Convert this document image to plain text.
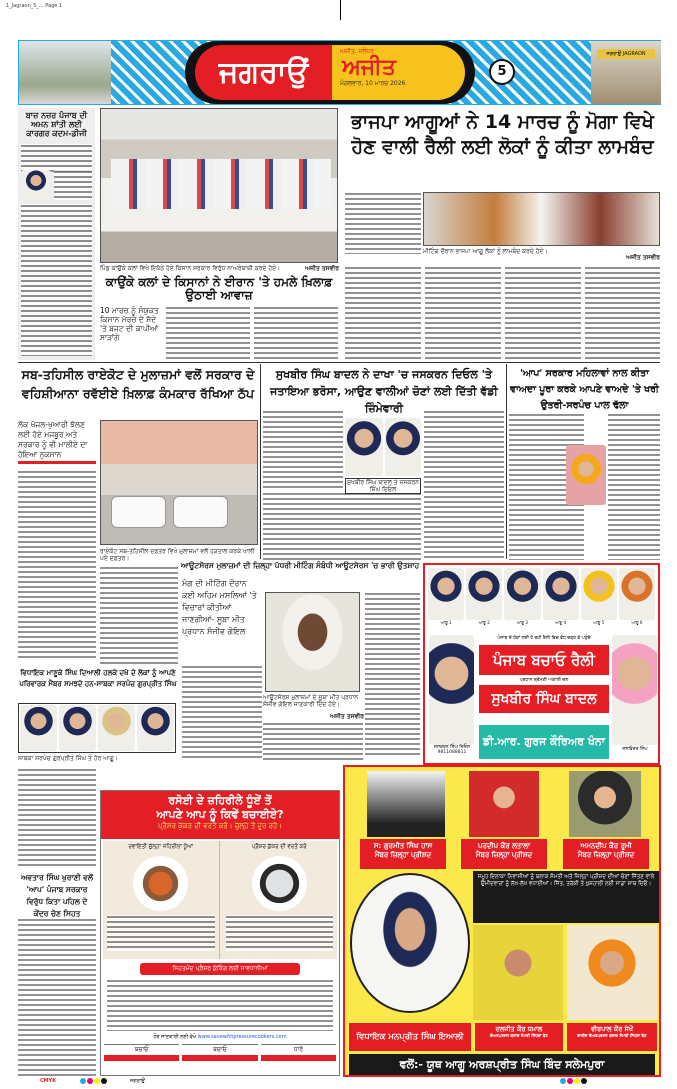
1_Jagraon_5_... Page 1
ਜਗਰਾਉਂ
ਅਜੀਤ, ਜਲੰਧਰ
ਅਜੀਤ
ਮੰਗਲਵਾਰ, 10 ਮਾਰਚ 2026
5
ਜਗਰਾਉਂ JAGRAON
ਬਾਜ਼ ਨਜ਼ਰ ਪੰਜਾਬ ਦੀ ਅਮਨ ਸ਼ਾਂਤੀ ਲਈ ਕਾਰਗਰ ਕਦਮ-ਡੀਜੀ
ਪਿੰਡ ਕਾਉਂਕੇ ਕਲਾਂ ਵਿਖੇ ਇਕੱਠੇ ਹੋਏ ਕਿਸਾਨ ਸਰਕਾਰ ਵਿਰੁੱਧ ਨਾਅਰੇਬਾਜ਼ੀ ਕਰਦੇ ਹੋਏ।	ਅਜੀਤ ਤਸਵੀਰ
ਕਾਉਂਕੇ ਕਲਾਂ ਦੇ ਕਿਸਾਨਾਂ ਨੇ ਈਰਾਨ 'ਤੇ ਹਮਲੇ ਖ਼ਿਲਾਫ਼ ਉਠਾਈ ਆਵਾਜ਼
10 ਮਾਰਚ ਨੂੰ ਸੰਯੁਕਤ ਕਿਸਾਨ ਮੋਰਚੇ ਦੇ ਸੱਦੇ 'ਤੇ ਬਜਟ ਦੀ ਕਾਪੀਆਂ ਸਾੜਾਂਗੇ
ਭਾਜਪਾ ਆਗੂਆਂ ਨੇ 14 ਮਾਰਚ ਨੂੰ ਮੋਗਾ ਵਿਖੇ ਹੋਣ ਵਾਲੀ ਰੈਲੀ ਲਈ ਲੋਕਾਂ ਨੂੰ ਕੀਤਾ ਲਾਮਬੰਦ
ਮੀਟਿੰਗ ਦੌਰਾਨ ਭਾਜਪਾ ਆਗੂ ਲੋਕਾਂ ਨੂੰ ਲਾਮਬੰਦ ਕਰਦੇ ਹੋਏ।
ਅਜੀਤ ਤਸਵੀਰ
ਸਬ-ਤਹਿਸੀਲ ਰਾਏਕੋਟ ਦੇ ਮੁਲਾਜ਼ਮਾਂ ਵਲੋਂ ਸਰਕਾਰ ਦੇ ਵਹਿਸ਼ੀਆਨਾ ਰਵੱਈਏ ਖ਼ਿਲਾਫ਼ ਕੰਮਕਾਰ ਰੱਖਿਆ ਠੱਪ
ਲੋਕ ਖੱਜਲ-ਖੁਆਰੀ ਝੱਲਣ ਲਈ ਹੋਏ ਮਜਬੂਰ ਅਤੇ ਸਰਕਾਰ ਨੂੰ ਵੀ ਮਾਲੀਏ ਦਾ ਹੋਇਆ ਨੁਕਸਾਨ
ਰਾਏਕੋਟ ਸਬ-ਤਹਿਸੀਲ ਦਫ਼ਤਰ ਵਿਖੇ ਮੁਲਾਜ਼ਮਾਂ ਵਲੋਂ ਹੜਤਾਲ ਕਰਕੇ ਖਾਲੀ ਪਏ ਦਫ਼ਤਰ।
ਸੁਖਬੀਰ ਸਿੰਘ ਬਾਦਲ ਨੇ ਦਾਖਾ 'ਚ ਜਸਕਰਨ ਦਿਓਲ 'ਤੇ ਜਤਾਇਆ ਭਰੋਸਾ, ਆਉਣ ਵਾਲੀਆਂ ਚੋਣਾਂ ਲਈ ਦਿੱਤੀ ਵੱਡੀ ਜ਼ਿੰਮੇਵਾਰੀ
ਸੁਖਬੀਰ ਸਿੰਘ ਬਾਦਲ ਤੇ ਜਸਕਰਨ ਸਿੰਘ ਦਿਓਲ
'ਆਪ' ਸਰਕਾਰ ਮਹਿਲਾਵਾਂ ਨਾਲ ਕੀਤਾ ਵਾਅਦਾ ਪੂਰਾ ਕਰਕੇ ਆਪਣੇ ਵਾਅਦੇ 'ਤੇ ਖਰੀ ਉਤਰੀ-ਸਰਪੰਚ ਪਾਲ ਢੱਲਾ
ਆਊਟਸੋਰਸ ਮੁਲਾਜ਼ਮਾਂ ਦੀ ਜ਼ਿਲ੍ਹਾ ਪੱਧਰੀ ਮੀਟਿੰਗ ਸੰਬੰਧੀ ਆਊਟਸੋਰਸ 'ਚ ਭਾਰੀ ਉਤਸ਼ਾਹ
ਮੰਗ ਦੀ ਮੀਟਿੰਗ ਦੌਰਾਨ ਕਈ ਅਹਿਮ ਮਸਲਿਆਂ 'ਤੇ ਵਿਚਾਰਾਂ ਕੀਤੀਆਂ ਜਾਣਗੀਆਂ- ਸੂਬਾ ਮੀਤ ਪ੍ਰਧਾਨ ਸੰਜੀਵ ਗੋਇਲ
ਆਊਟਸੋਰਸ ਮੁਲਾਜ਼ਮਾਂ ਦੇ ਸੂਬਾ ਮੀਤ ਪ੍ਰਧਾਨ ਸੰਜੀਵ ਗੋਇਲ ਜਾਣਕਾਰੀ ਦਿੰਦੇ ਹੋਏ।
ਅਜੀਤ ਤਸਵੀਰ
ਵਿਧਾਇਕ ਮਾਣੂਕੇ ਸਿੰਘ ਦਿਆਲੀ ਹਲਕੇ ਦਖੇ ਦੇ ਲੋਕਾਂ ਨੂੰ ਆਪਣੇ ਪਰਿਵਾਰਕ ਮੈਂਬਰ ਸਮਝਦੇ ਹਨ-ਸਾਬਕਾ ਸਰਪੰਚ ਗੁਰਪ੍ਰੀਤ ਸਿੰਘ
ਸਾਬਕਾ ਸਰਪੰਚ ਗੁਰਪ੍ਰੀਤ ਸਿੰਘ ਤੇ ਹੋਰ ਆਗੂ।
ਅਵਤਾਰ ਸਿੰਘ ਖੁਰਾਣੀ ਵਲੋਂ 'ਆਪ' ਪੰਜਾਬ ਸਰਕਾਰ ਵਿਰੁੱਧ ਕਿਤਾ ਪਹਿਲ ਦੇ ਕੇਂਦਰ ਚੋਣ ਸਿਹਤ
ਆਗੂ 1	ਆਗੂ 2	ਆਗੂ 3	ਆਗੂ 4	ਆਗੂ 5	ਆਗੂ 6
ਜਸਕਰਨ ਸਿੰਘ ਦਿਓਲ
9811088811
ਪੰਜਾਬ ਦੇ ਹੱਕਾਂ ਲਈ ਹੋ ਰਹੀ ਰੈਲੀ ਵਿਚ ਵੱਧ ਚੜ੍ਹ ਕੇ ਪਹੁੰਚੋ
ਪੰਜਾਬ ਬਚਾਓ ਰੈਲੀ
ਪ੍ਰਧਾਨ ਸ਼੍ਰੋਮਣੀ ਅਕਾਲੀ ਦਲ
ਸੁਖਬੀਰ ਸਿੰਘ ਬਾਦਲ
ਡੀ.ਆਰ. ਗੁਰਜ ਕੌਰਿਅਰ ਖੰਨਾ
ਜਸਵਿੰਦਰ ਸਿੰਘ
ਰਸੋਈ ਦੇ ਜ਼ਹਿਰੀਲੇ ਧੂੰਏਂ ਤੋਂ
ਆਪਣੇ ਆਪ ਨੂੰ ਕਿਵੇਂ ਬਚਾਈਏ?
ਪ੍ਰੈਸ਼ਰ ਕੁੱਕਰ ਦੀ ਵਰਤੋਂ ਕਰੋ। ਚੁੱਲ੍ਹੇ ਤੋਂ ਦੂਰ ਰਹੋ।
ਰਵਾਇਤੀ ਚੁੱਲ੍ਹਾ ਜ਼ਹਿਰੀਲਾ ਧੂੰਆਂ	ਪ੍ਰੈਸ਼ਰ ਕੁੱਕਰ ਦੀ ਵਰਤੋਂ ਕਰੋ
ਸਿਹਤਮੰਦ ਪ੍ਰੈਸ਼ਰ ਕੁੱਕਿੰਗ ਲਈ ਸਾਵਧਾਨੀਆਂ
ਹੋਰ ਜਾਣਕਾਰੀ ਲਈ ਵੇਖੋ www.savewithpressurecookers.com
ਬਚਾਓ	ਬਚਾਓ	ਧਾਰੋ
ਸ: ਗੁਰਮੀਤ ਸਿੰਘ ਹਾਂਸ
ਮੈਂਬਰ ਜ਼ਿਲ੍ਹਾ ਪ੍ਰੀਸ਼ਦ
ਪਰਦੀਪ ਕੌਰ ਲਤਾਲਾ
ਮੈਂਬਰ ਜ਼ਿਲ੍ਹਾ ਪ੍ਰੀਸ਼ਦ
ਅਮਨਦੀਪ ਕੌਰ ਰੂਮੀ
ਮੈਂਬਰ ਜ਼ਿਲ੍ਹਾ ਪ੍ਰੀਸ਼ਦ
ਸਮੂਹ ਇਲਾਕਾ ਨਿਵਾਸੀਆਂ ਨੂੰ ਬਲਾਕ ਸੰਮਤੀ ਅਤੇ ਜ਼ਿਲ੍ਹਾ ਪ੍ਰੀਸ਼ਦ ਦੀਆਂ ਚੋਣਾਂ ਜਿੱਤਣ ਵਾਲੇ ਉਮੀਦਵਾਰਾਂ ਨੂੰ ਲੱਖ-ਲੱਖ ਵਧਾਈਆਂ। ਜਿੱਤ, ਤਰੱਕੀ ਤੇ ਖੁਸ਼ਹਾਲੀ ਲਈ ਸਾਡਾ ਸਾਥ ਦਿਓ।
ਵਿਧਾਇਕ ਮਨਪ੍ਰੀਤ ਸਿੰਘ ਇਆਲੀ
ਦਲਜੀਤ ਕੌਰ ਧਮਾਲ
ਚੇਅਰਪਰਸਨ ਬਲਾਕ ਸੰਮਤੀ ਸਿੱਧਵਾਂ ਬੇਟ
ਵੀਰਪਾਲ ਕੌਰ ਸੇਖੋਂ
ਵਾਈਸ ਚੇਅਰਪਰਸਨ ਬਲਾਕ ਸੰਮਤੀ ਸਿੱਧਵਾਂ ਬੇਟ
ਵਲੋਂ:- ਯੂਥ ਆਗੂ ਅਰਸ਼ਪ੍ਰੀਤ ਸਿੰਘ ਬਿੰਦ ਸਲੇਮਪੁਰਾ
CMYK	ਜਗਰਾਉਂ
